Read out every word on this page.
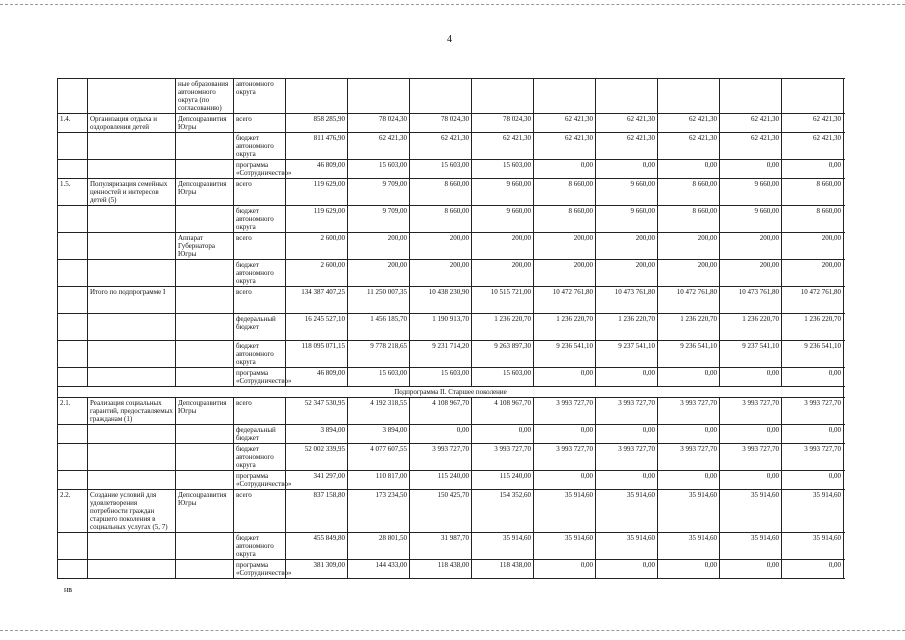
4
		ные образования автономного округа (по согласованию)	автономного округа										
1.4.	Организация отдыха и оздоровления детей	Депсоцразвития Югры	всего	858 285,90	78 024,30	78 024,30	78 024,30	62 421,30	62 421,30	62 421,30	62 421,30	62 421,30	
			бюджет автономного округа	811 476,90	62 421,30	62 421,30	62 421,30	62 421,30	62 421,30	62 421,30	62 421,30	62 421,30	
			программа «Сотрудничество»	46 809,00	15 603,00	15 603,00	15 603,00	0,00	0,00	0,00	0,00	0,00	
1.5.	Популяризация семейных ценностей и интересов детей (5)	Депсоцразвития Югры	всего	119 629,00	9 709,00	8 660,00	9 660,00	8 660,00	9 660,00	8 660,00	9 660,00	8 660,00	
			бюджет автономного округа	119 629,00	9 709,00	8 660,00	9 660,00	8 660,00	9 660,00	8 660,00	9 660,00	8 660,00	
		Аппарат Губернатора Югры	всего	2 600,00	200,00	200,00	200,00	200,00	200,00	200,00	200,00	200,00	
			бюджет автономного округа	2 600,00	200,00	200,00	200,00	200,00	200,00	200,00	200,00	200,00	
	Итого по подпрограмме I		всего	134 387 407,25	11 250 007,35	10 438 230,90	10 515 721,00	10 472 761,80	10 473 761,80	10 472 761,80	10 473 761,80	10 472 761,80	
			федеральный бюджет	16 245 527,10	1 456 185,70	1 190 913,70	1 236 220,70	1 236 220,70	1 236 220,70	1 236 220,70	1 236 220,70	1 236 220,70	
			бюджет автономного округа	118 095 071,15	9 778 218,65	9 231 714,20	9 263 897,30	9 236 541,10	9 237 541,10	9 236 541,10	9 237 541,10	9 236 541,10	
			программа «Сотрудничество»	46 809,00	15 603,00	15 603,00	15 603,00	0,00	0,00	0,00	0,00	0,00	
Подпрограмма II. Старшее поколение													
2.1.	Реализация социальных гарантий, предоставляемых гражданам (1)	Депсоцразвития Югры	всего	52 347 530,95	4 192 318,55	4 108 967,70	4 108 967,70	3 993 727,70	3 993 727,70	3 993 727,70	3 993 727,70	3 993 727,70	
			федеральный бюджет	3 894,00	3 894,00	0,00	0,00	0,00	0,00	0,00	0,00	0,00	
			бюджет автономного округа	52 002 339,95	4 077 607,55	3 993 727,70	3 993 727,70	3 993 727,70	3 993 727,70	3 993 727,70	3 993 727,70	3 993 727,70	
			программа «Сотрудничество»	341 297,00	110 817,00	115 240,00	115 240,00	0,00	0,00	0,00	0,00	0,00	
2.2.	Создание условий для удовлетворения потребности граждан старшего поколения в социальных услугах (5, 7)	Депсоцразвития Югры	всего	837 158,80	173 234,50	150 425,70	154 352,60	35 914,60	35 914,60	35 914,60	35 914,60	35 914,60	
			бюджет автономного округа	455 849,80	28 801,50	31 987,70	35 914,60	35 914,60	35 914,60	35 914,60	35 914,60	35 914,60	
			программа «Сотрудничество»	381 309,00	144 433,00	118 438,00	118 438,00	0,00	0,00	0,00	0,00	0,00	
нв
